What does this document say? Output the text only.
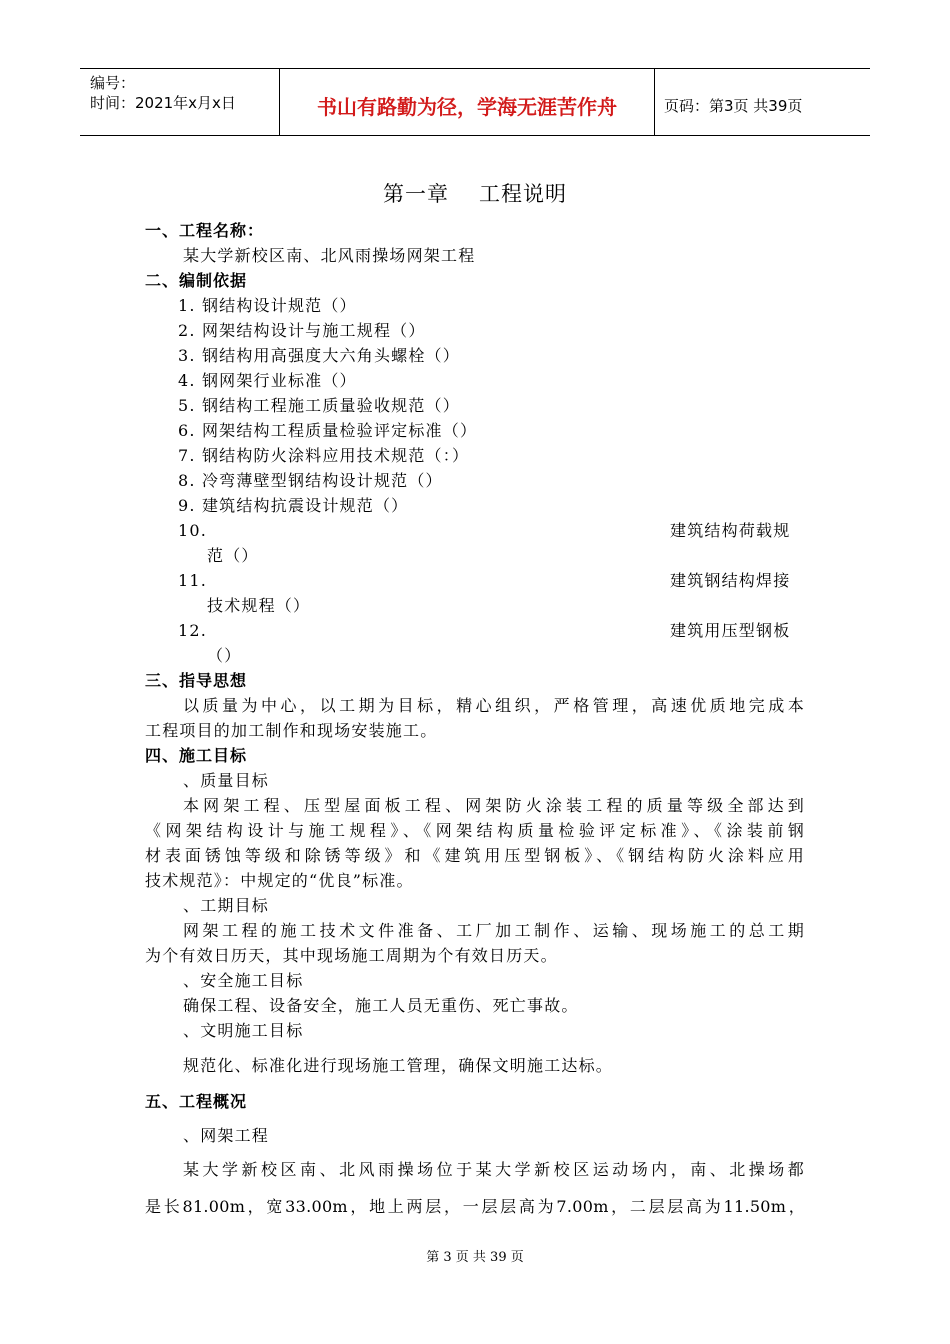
编号：
时间：2021年x月x日	书山有路勤为径，学海无涯苦作舟	页码：第3页 共39页
第一章 工程说明
一、工程名称：
某大学新校区南、北风雨操场网架工程
二、编制依据
1. 钢结构设计规范（）
2. 网架结构设计与施工规程（）
3. 钢结构用高强度大六角头螺栓（）
4. 钢网架行业标准（）
5. 钢结构工程施工质量验收规范（）
6. 网架结构工程质量检验评定标准（）
7. 钢结构防火涂料应用技术规范（：）
8. 冷弯薄壁型钢结构设计规范（）
9. 建筑结构抗震设计规范（）
10.	建筑结构荷载规
范（）
11.	建筑钢结构焊接
技术规程（）
12.	建筑用压型钢板
（）
三、指导思想
以质量为中心，以工期为目标，精心组织，严格管理，高速优质地完成本
工程项目的加工制作和现场安装施工。
四、施工目标
、质量目标
本网架工程、压型屋面板工程、网架防火涂装工程的质量等级全部达到
《网架结构设计与施工规程》、《网架结构质量检验评定标准》、《涂装前钢
材表面锈蚀等级和除锈等级》和《建筑用压型钢板》、《钢结构防火涂料应用
技术规范》：中规定的“优良”标准。
、工期目标
网架工程的施工技术文件准备、工厂加工制作、运输、现场施工的总工期
为个有效日历天，其中现场施工周期为个有效日历天。
、安全施工目标
确保工程、设备安全，施工人员无重伤、死亡事故。
、文明施工目标
规范化、标准化进行现场施工管理，确保文明施工达标。
五、工程概况
、网架工程
某大学新校区南、北风雨操场位于某大学新校区运动场内，南、北操场都
是长81.00m，宽33.00m，地上两层，一层层高为7.00m，二层层高为11.50m，
第 3 页 共 39 页
